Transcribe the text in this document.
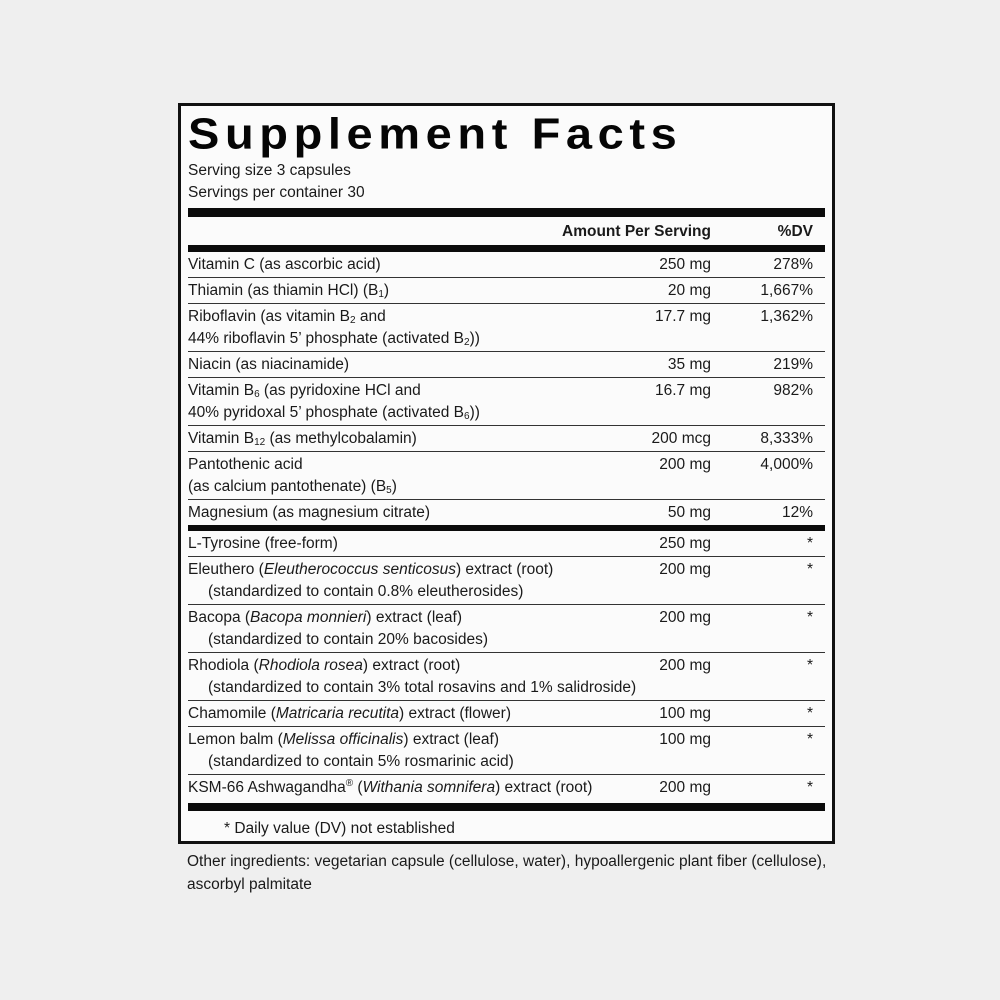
Supplement Facts
Serving size 3 capsules
Servings per container 30
Amount Per Serving	%DV
Vitamin C (as ascorbic acid)	250 mg	278%
Thiamin (as thiamin HCl) $(B_1)$	20 mg	1,667%
Riboflavin (as vitamin $B_2$ and
44% riboflavin 5’ phosphate (activated $B_2$))
17.7 mg	1,362%
Niacin (as niacinamide)	35 mg	219%
Vitamin $B_6$ (as pyridoxine HCl and
40% pyridoxal 5’ phosphate (activated $B_6$))
16.7 mg	982%
Vitamin $B_{12}$ (as methylcobalamin)	200 mcg	8,333%
Pantothenic acid
(as calcium pantothenate) $(B_5)$
200 mg	4,000%
Magnesium (as magnesium citrate)	50 mg	12%
L-Tyrosine (free-form)	250 mg	*
Eleuthero (Eleutherococcus senticosus) extract (root)
(standardized to contain 0.8% eleutherosides)
200 mg	*
Bacopa (Bacopa monnieri) extract (leaf)
(standardized to contain 20% bacosides)
200 mg	*
Rhodiola (Rhodiola rosea) extract (root)
(standardized to contain 3% total rosavins and 1% salidroside)
200 mg	*
Chamomile (Matricaria recutita) extract (flower)	100 mg	*
Lemon balm (Melissa officinalis) extract (leaf)
(standardized to contain 5% rosmarinic acid)
100 mg	*
KSM-66 Ashwagandha® (Withania somnifera) extract (root)	200 mg	*
* Daily value (DV) not established
Other ingredients: vegetarian capsule (cellulose, water), hypoallergenic plant fiber (cellulose), ascorbyl palmitate
